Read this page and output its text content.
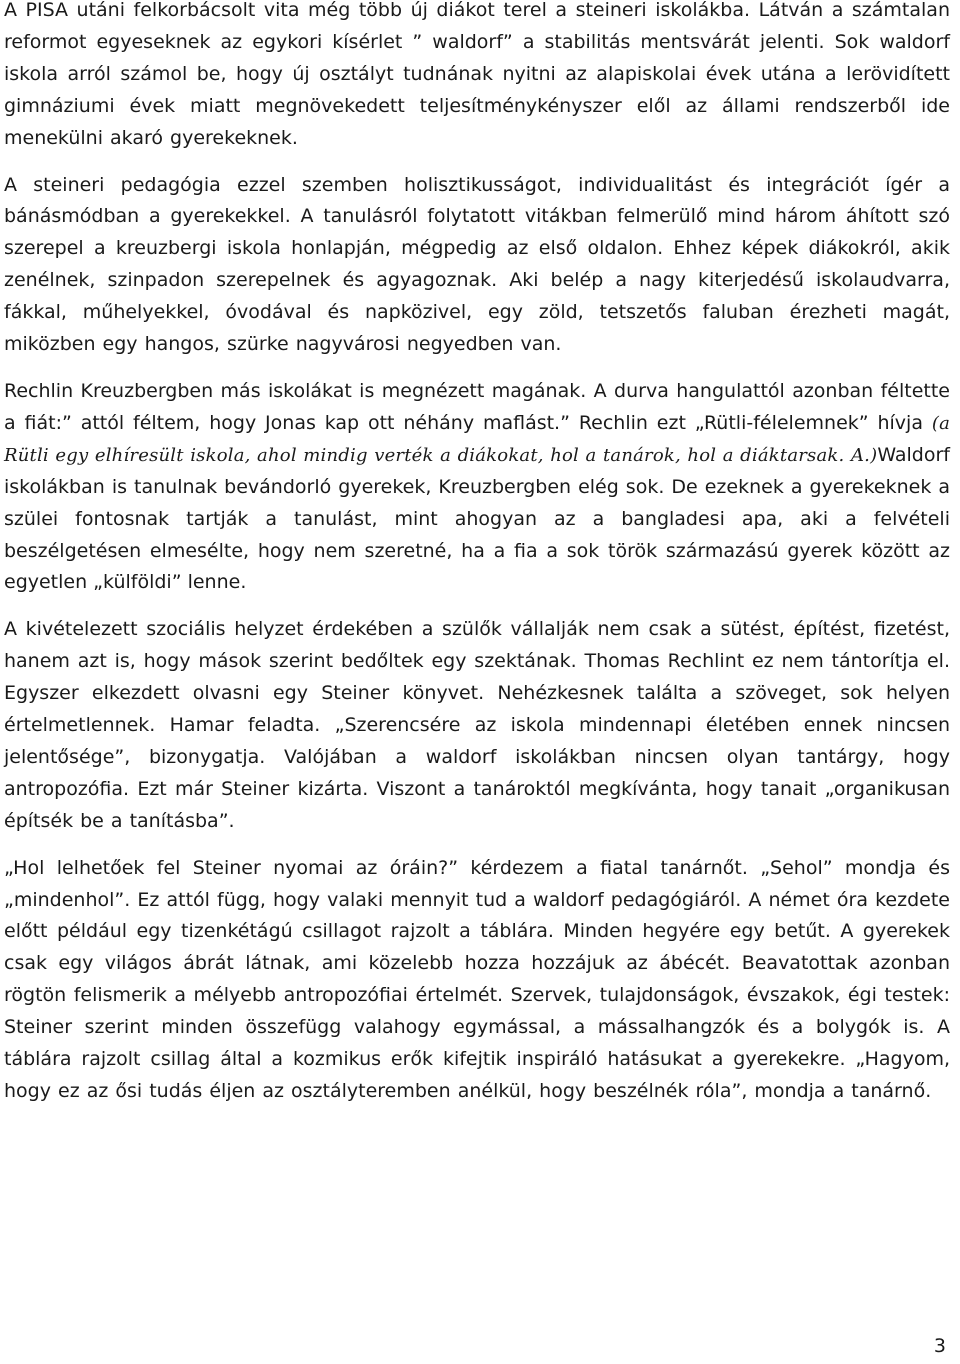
A PISA utáni felkorbácsolt vita még több új diákot terel a steineri iskolákba. Látván a számtalan reformot egyeseknek az egykori kísérlet ” waldorf” a stabilitás mentsvárát jelenti. Sok waldorf iskola arról számol be, hogy új osztályt tudnának nyitni az alapiskolai évek utána a lerövidített gimnáziumi évek miatt megnövekedett teljesítménykényszer elől az állami rendszerből ide menekülni akaró gyerekeknek.

A steineri pedagógia ezzel szemben holisztikusságot, individualitást és integrációt ígér a bánásmódban a gyerekekkel. A tanulásról folytatott vitákban felmerülő mind három áhított szó szerepel a kreuzbergi iskola honlapján, mégpedig az első oldalon. Ehhez képek diákokról, akik zenélnek, szinpadon szerepelnek és agyagoznak. Aki belép a nagy kiterjedésű iskolaudvarra, fákkal, műhelyekkel, óvodával és napközivel, egy zöld, tetszetős faluban érezheti magát, miközben egy hangos, szürke nagyvárosi negyedben van.

Rechlin Kreuzbergben más iskolákat is megnézett magának. A durva hangulattól azonban féltette a fiát:” attól féltem, hogy Jonas kap ott néhány maflást.” Rechlin ezt „Rütli-félelemnek” hívja (a Rütli egy elhíresült iskola, ahol mindig verték a diákokat, hol a tanárok, hol a diáktarsak. A.)Waldorf iskolákban is tanulnak bevándorló gyerekek, Kreuzbergben elég sok. De ezeknek a gyerekeknek a szülei fontosnak tartják a tanulást, mint ahogyan az a bangladesi apa, aki a felvételi beszélgetésen elmesélte, hogy nem szeretné, ha a fia a sok török származású gyerek között az egyetlen „külföldi” lenne.

A kivételezett szociális helyzet érdekében a szülők vállalják nem csak a sütést, építést, fizetést, hanem azt is, hogy mások szerint bedőltek egy szektának. Thomas Rechlint ez nem tántorítja el. Egyszer elkezdett olvasni egy Steiner könyvet. Nehézkesnek találta a szöveget, sok helyen értelmetlennek. Hamar feladta. „Szerencsére az iskola mindennapi életében ennek nincsen jelentősége”, bizonygatja. Valójában a waldorf iskolákban nincsen olyan tantárgy, hogy antropozófia. Ezt már Steiner kizárta. Viszont a tanároktól megkívánta, hogy tanait „organikusan építsék be a tanításba”.

„Hol lelhetőek fel Steiner nyomai az óráin?” kérdezem a fiatal tanárnőt. „Sehol” mondja és „mindenhol”. Ez attól függ, hogy valaki mennyit tud a waldorf pedagógiáról. A német óra kezdete előtt például egy tizenkétágú csillagot rajzolt a táblára. Minden hegyére egy betűt. A gyerekek csak egy világos ábrát látnak, ami közelebb hozza hozzájuk az ábécét. Beavatottak azonban rögtön felismerik a mélyebb antropozófiai értelmét. Szervek, tulajdonságok, évszakok, égi testek: Steiner szerint minden összefügg valahogy egymással, a mássalhangzók és a bolygók is. A táblára rajzolt csillag által a kozmikus erők kifejtik inspiráló hatásukat a gyerekekre. „Hagyom, hogy ez az ősi tudás éljen az osztályteremben anélkül, hogy beszélnék róla”, mondja a tanárnő.

3
